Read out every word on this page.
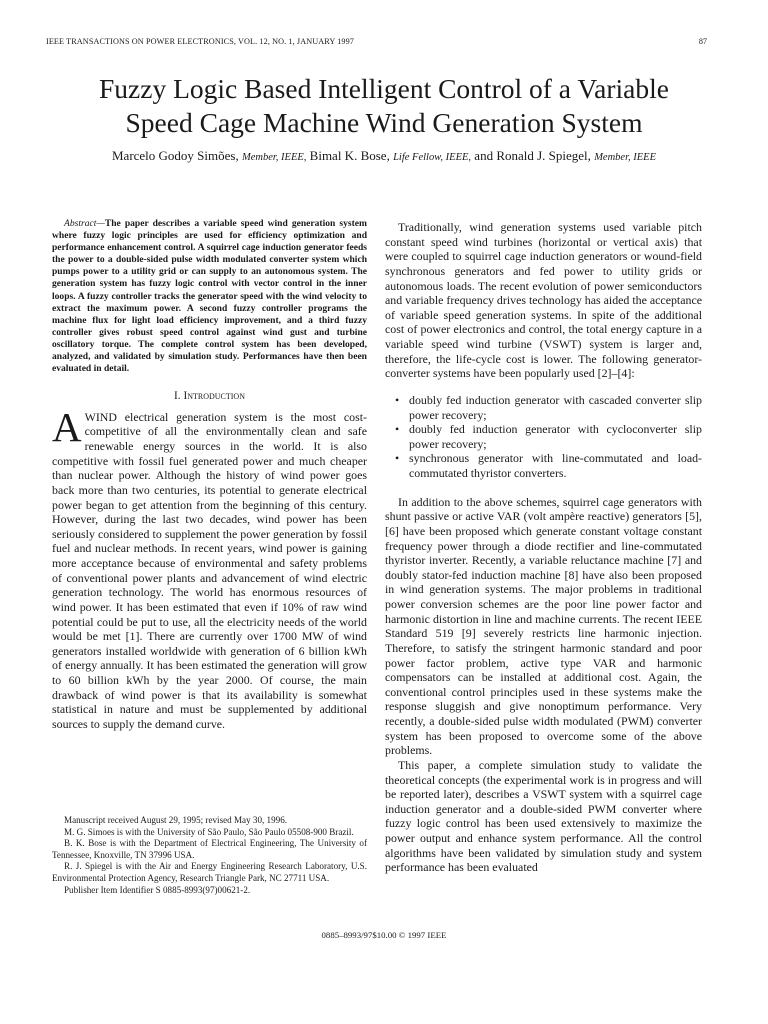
IEEE TRANSACTIONS ON POWER ELECTRONICS, VOL. 12, NO. 1, JANUARY 1997	87
Fuzzy Logic Based Intelligent Control of a Variable
Speed Cage Machine Wind Generation System
Marcelo Godoy Simões, Member, IEEE, Bimal K. Bose, Life Fellow, IEEE, and Ronald J. Spiegel, Member, IEEE

Abstract—The paper describes a variable speed wind generation system where fuzzy logic principles are used for efficiency optimization and performance enhancement control. A squirrel cage induction generator feeds the power to a double-sided pulse width modulated converter system which pumps power to a utility grid or can supply to an autonomous system. The generation system has fuzzy logic control with vector control in the inner loops. A fuzzy controller tracks the generator speed with the wind velocity to extract the maximum power. A second fuzzy controller programs the machine flux for light load efficiency improvement, and a third fuzzy controller gives robust speed control against wind gust and turbine oscillatory torque. The complete control system has been developed, analyzed, and validated by simulation study. Performances have then been evaluated in detail.

I. Introduction

AWIND electrical generation system is the most cost-competitive of all the environmentally clean and safe renewable energy sources in the world. It is also competitive with fossil fuel generated power and much cheaper than nuclear power. Although the history of wind power goes back more than two centuries, its potential to generate electrical power began to get attention from the beginning of this century. However, during the last two decades, wind power has been seriously considered to supplement the power generation by fossil fuel and nuclear methods. In recent years, wind power is gaining more acceptance because of environmental and safety problems of conventional power plants and advancement of wind electric generation technology. The world has enormous resources of wind power. It has been estimated that even if 10% of raw wind potential could be put to use, all the electricity needs of the world would be met [1]. There are currently over 1700 MW of wind generators installed worldwide with generation of 6 billion kWh of energy annually. It has been estimated the generation will grow to 60 billion kWh by the year 2000. Of course, the main drawback of wind power is that its availability is somewhat statistical in nature and must be supplemented by additional sources to supply the demand curve.

Manuscript received August 29, 1995; revised May 30, 1996.

M. G. Simoes is with the University of São Paulo, São Paulo 05508-900 Brazil.

B. K. Bose is with the Department of Electrical Engineering, The University of Tennessee, Knoxville, TN 37996 USA.

R. J. Spiegel is with the Air and Energy Engineering Research Laboratory, U.S. Environmental Protection Agency, Research Triangle Park, NC 27711 USA.

Publisher Item Identifier S 0885-8993(97)00621-2.

Traditionally, wind generation systems used variable pitch constant speed wind turbines (horizontal or vertical axis) that were coupled to squirrel cage induction generators or wound-field synchronous generators and fed power to utility grids or autonomous loads. The recent evolution of power semiconductors and variable frequency drives technology has aided the acceptance of variable speed generation systems. In spite of the additional cost of power electronics and control, the total energy capture in a variable speed wind turbine (VSWT) system is larger and, therefore, the life-cycle cost is lower. The following generator-converter systems have been popularly used [2]–[4]:

• doubly fed induction generator with cascaded converter slip power recovery;
• doubly fed induction generator with cycloconverter slip power recovery;
• synchronous generator with line-commutated and load-commutated thyristor converters.

In addition to the above schemes, squirrel cage generators with shunt passive or active VAR (volt ampère reactive) generators [5], [6] have been proposed which generate constant voltage constant frequency power through a diode rectifier and line-commutated thyristor inverter. Recently, a variable reluctance machine [7] and doubly stator-fed induction machine [8] have also been proposed in wind generation systems. The major problems in traditional power conversion schemes are the poor line power factor and harmonic distortion in line and machine currents. The recent IEEE Standard 519 [9] severely restricts line harmonic injection. Therefore, to satisfy the stringent harmonic standard and poor power factor problem, active type VAR and harmonic compensators can be installed at additional cost. Again, the conventional control principles used in these systems make the response sluggish and give nonoptimum performance. Very recently, a double-sided pulse width modulated (PWM) converter system has been proposed to overcome some of the above problems.

This paper, a complete simulation study to validate the theoretical concepts (the experimental work is in progress and will be reported later), describes a VSWT system with a squirrel cage induction generator and a double-sided PWM converter where fuzzy logic control has been used extensively to maximize the power output and enhance system performance. All the control algorithms have been validated by simulation study and system performance has been evaluated

0885–8993/97$10.00 © 1997 IEEE
